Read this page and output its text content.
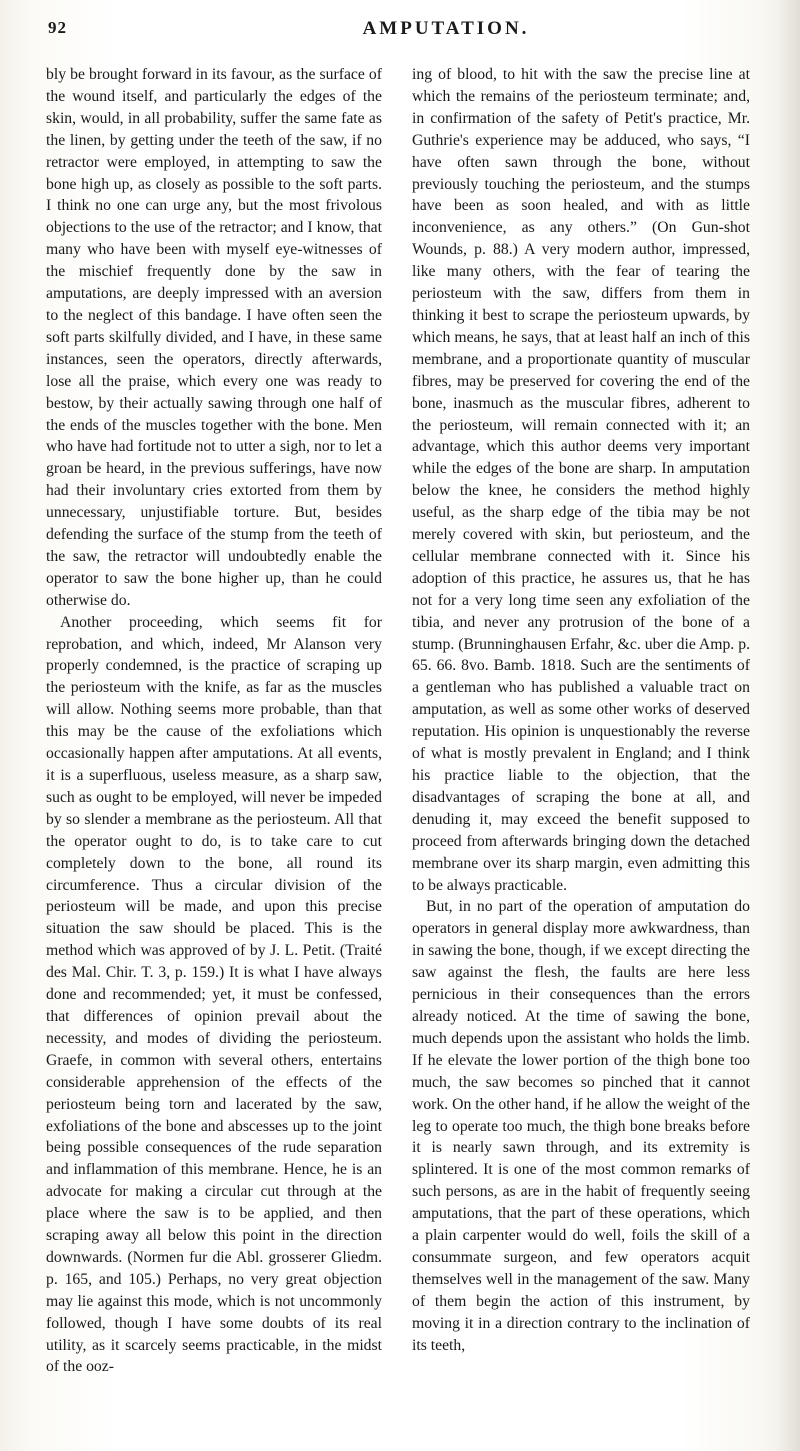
92	AMPUTATION.

bly be brought forward in its favour, as the surface of the wound itself, and particularly the edges of the skin, would, in all probability, suffer the same fate as the linen, by getting under the teeth of the saw, if no retractor were employed, in attempting to saw the bone high up, as closely as possible to the soft parts. I think no one can urge any, but the most frivolous objections to the use of the retractor; and I know, that many who have been with myself eye-witnesses of the mischief frequently done by the saw in amputations, are deeply impressed with an aversion to the neglect of this bandage. I have often seen the soft parts skilfully divided, and I have, in these same instances, seen the operators, directly afterwards, lose all the praise, which every one was ready to bestow, by their actually sawing through one half of the ends of the muscles together with the bone. Men who have had fortitude not to utter a sigh, nor to let a groan be heard, in the previous sufferings, have now had their involuntary cries extorted from them by unnecessary, unjustifiable torture. But, besides defending the surface of the stump from the teeth of the saw, the retractor will undoubtedly enable the operator to saw the bone higher up, than he could otherwise do.

Another proceeding, which seems fit for reprobation, and which, indeed, Mr Alanson very properly condemned, is the practice of scraping up the periosteum with the knife, as far as the muscles will allow. Nothing seems more probable, than that this may be the cause of the exfoliations which occasionally happen after amputations. At all events, it is a superfluous, useless measure, as a sharp saw, such as ought to be employed, will never be impeded by so slender a membrane as the periosteum. All that the operator ought to do, is to take care to cut completely down to the bone, all round its circumference. Thus a circular division of the periosteum will be made, and upon this precise situation the saw should be placed. This is the method which was approved of by J. L. Petit. (Traité des Mal. Chir. T. 3, p. 159.) It is what I have always done and recommended; yet, it must be confessed, that differences of opinion prevail about the necessity, and modes of dividing the periosteum. Graefe, in common with several others, entertains considerable apprehension of the effects of the periosteum being torn and lacerated by the saw, exfoliations of the bone and abscesses up to the joint being possible consequences of the rude separation and inflammation of this membrane. Hence, he is an advocate for making a circular cut through at the place where the saw is to be applied, and then scraping away all below this point in the direction downwards. (Normen fur die Abl. grosserer Gliedm. p. 165, and 105.) Perhaps, no very great objection may lie against this mode, which is not uncommonly followed, though I have some doubts of its real utility, as it scarcely seems practicable, in the midst of the ooz-

ing of blood, to hit with the saw the precise line at which the remains of the periosteum terminate; and, in confirmation of the safety of Petit's practice, Mr. Guthrie's experience may be adduced, who says, “I have often sawn through the bone, without previously touching the periosteum, and the stumps have been as soon healed, and with as little inconvenience, as any others.” (On Gun-shot Wounds, p. 88.) A very modern author, impressed, like many others, with the fear of tearing the periosteum with the saw, differs from them in thinking it best to scrape the periosteum upwards, by which means, he says, that at least half an inch of this membrane, and a proportionate quantity of muscular fibres, may be preserved for covering the end of the bone, inasmuch as the muscular fibres, adherent to the periosteum, will remain connected with it; an advantage, which this author deems very important while the edges of the bone are sharp. In amputation below the knee, he considers the method highly useful, as the sharp edge of the tibia may be not merely covered with skin, but periosteum, and the cellular membrane connected with it. Since his adoption of this practice, he assures us, that he has not for a very long time seen any exfoliation of the tibia, and never any protrusion of the bone of a stump. (Brunninghausen Erfahr, &c. uber die Amp. p. 65. 66. 8vo. Bamb. 1818. Such are the sentiments of a gentleman who has published a valuable tract on amputation, as well as some other works of deserved reputation. His opinion is unquestionably the reverse of what is mostly prevalent in England; and I think his practice liable to the objection, that the disadvantages of scraping the bone at all, and denuding it, may exceed the benefit supposed to proceed from afterwards bringing down the detached membrane over its sharp margin, even admitting this to be always practicable.

But, in no part of the operation of amputation do operators in general display more awkwardness, than in sawing the bone, though, if we except directing the saw against the flesh, the faults are here less pernicious in their consequences than the errors already noticed. At the time of sawing the bone, much depends upon the assistant who holds the limb. If he elevate the lower portion of the thigh bone too much, the saw becomes so pinched that it cannot work. On the other hand, if he allow the weight of the leg to operate too much, the thigh bone breaks before it is nearly sawn through, and its extremity is splintered. It is one of the most common remarks of such persons, as are in the habit of frequently seeing amputations, that the part of these operations, which a plain carpenter would do well, foils the skill of a consummate surgeon, and few operators acquit themselves well in the management of the saw. Many of them begin the action of this instrument, by moving it in a direction contrary to the inclination of its teeth,
